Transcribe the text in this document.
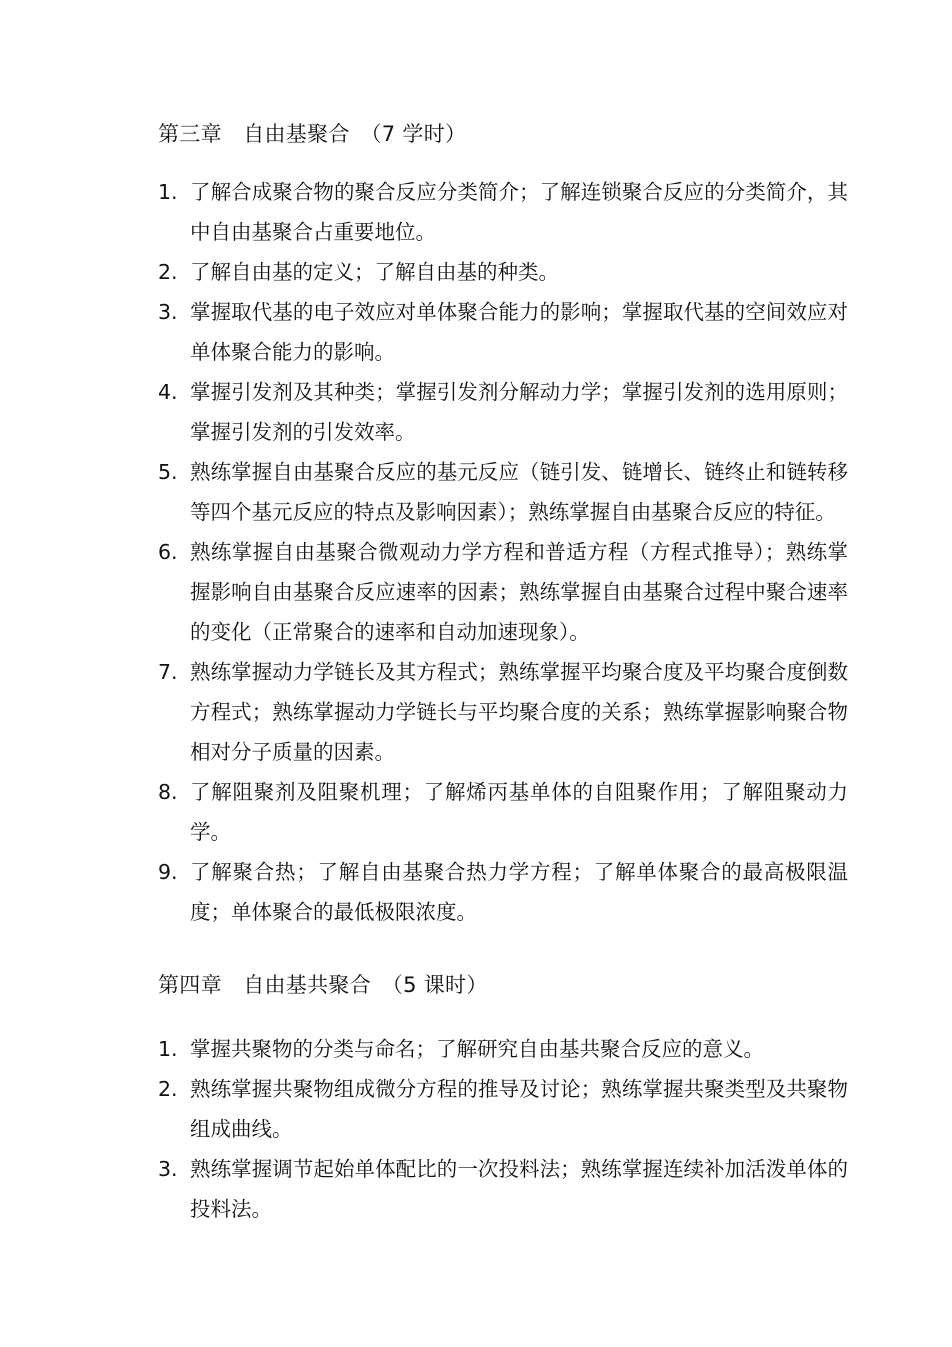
第三章　自由基聚合　（7 学时）
1. 了解合成聚合物的聚合反应分类简介；了解连锁聚合反应的分类简介，其中自由基聚合占重要地位。
2. 了解自由基的定义；了解自由基的种类。
3. 掌握取代基的电子效应对单体聚合能力的影响；掌握取代基的空间效应对单体聚合能力的影响。
4. 掌握引发剂及其种类；掌握引发剂分解动力学；掌握引发剂的选用原则；掌握引发剂的引发效率。
5. 熟练掌握自由基聚合反应的基元反应（链引发、链增长、链终止和链转移等四个基元反应的特点及影响因素）；熟练掌握自由基聚合反应的特征。
6. 熟练掌握自由基聚合微观动力学方程和普适方程（方程式推导）；熟练掌握影响自由基聚合反应速率的因素；熟练掌握自由基聚合过程中聚合速率的变化（正常聚合的速率和自动加速现象）。
7. 熟练掌握动力学链长及其方程式；熟练掌握平均聚合度及平均聚合度倒数方程式；熟练掌握动力学链长与平均聚合度的关系；熟练掌握影响聚合物相对分子质量的因素。
8. 了解阻聚剂及阻聚机理；了解烯丙基单体的自阻聚作用；了解阻聚动力学。
9. 了解聚合热；了解自由基聚合热力学方程；了解单体聚合的最高极限温度；单体聚合的最低极限浓度。
第四章　自由基共聚合　（5 课时）
1. 掌握共聚物的分类与命名；了解研究自由基共聚合反应的意义。
2. 熟练掌握共聚物组成微分方程的推导及讨论；熟练掌握共聚类型及共聚物组成曲线。
3. 熟练掌握调节起始单体配比的一次投料法；熟练掌握连续补加活泼单体的投料法。
